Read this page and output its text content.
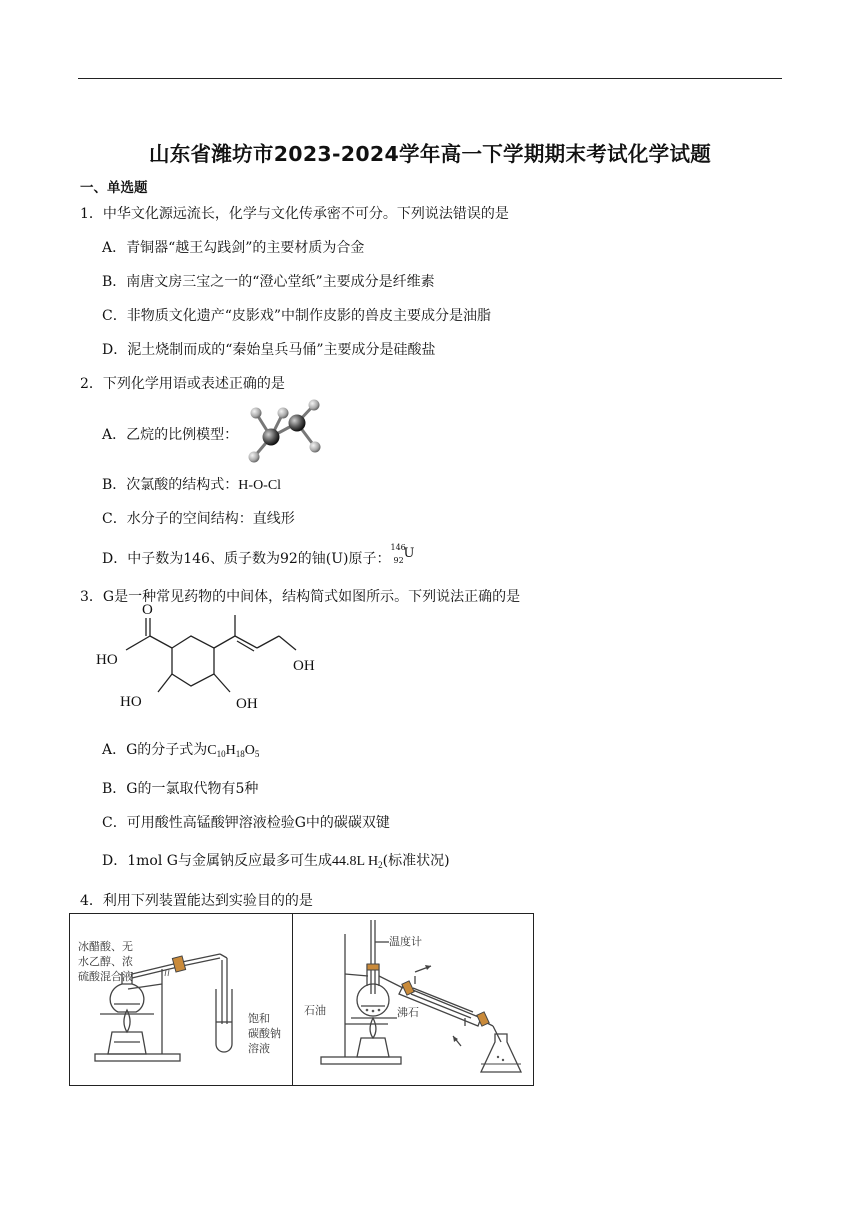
山东省潍坊市2023-2024学年高一下学期期末考试化学试题
一、单选题
1．中华文化源远流长，化学与文化传承密不可分。下列说法错误的是
A．青铜器“越王勾践剑”的主要材质为合金
B．南唐文房三宝之一的“澄心堂纸”主要成分是纤维素
C．非物质文化遗产“皮影戏”中制作皮影的兽皮主要成分是油脂
D．泥土烧制而成的“秦始皇兵马俑”主要成分是硅酸盐
2．下列化学用语或表述正确的是
A．乙烷的比例模型：
B．次氯酸的结构式：H-O-Cl
C．水分子的空间结构：直线形
D．中子数为146、质子数为92的铀(U)原子：
146
92 U
3．G是一种常见药物的中间体，结构简式如图所示。下列说法正确的是
O
HO	OH
HO	OH
A．G的分子式为$C_{10}H_{18}O_5$
B．G的一氯取代物有5种
C．可用酸性高锰酸钾溶液检验G中的碳碳双键
D．1mol G与金属钠反应最多可生成44.8L $H_2$(标准状况)
4．利用下列装置能达到实验目的的是
冰醋酸、无
水乙醇、浓
硫酸混合液
饱和
碳酸钠
溶液
温度计
石油	沸石
